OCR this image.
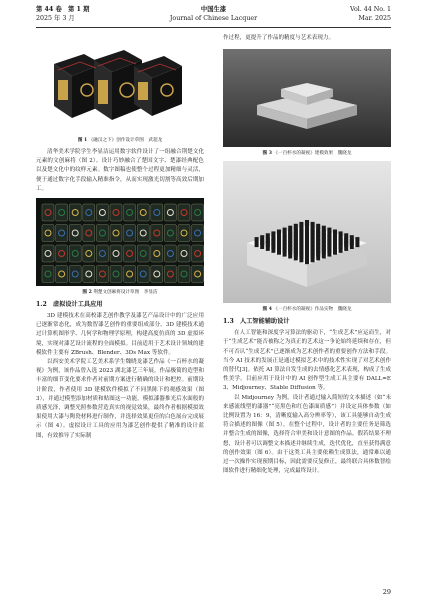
第 44 卷　第 1 期
2025 年 3 月
中国生漆
Journal of Chinese Lacquer
Vol. 44 No. 1
Mar. 2025
图 1 《融汉之下》创作设计草图　武超龙

清华美术学院学生李显洁运用数字软件设计了一组融合荆楚文化元素的文创麻将（图 2）。设计巧妙融合了楚国文字、楚漆经典配色以及楚文化中的纹样元素。数字图稿也使整个过程更加精细与灵活，便于通过数字化手段输入精准指令，从而实现激光切割等高效后期加工。

图 2 荆楚文创麻将设计草图　李显洁
1.2　虚拟设计工具应用

3D 建模技术在高校漆艺创作教学及漆艺产品设计中的广泛应用已逐渐常态化，成为数智漆艺创作的重要组成部分。3D 建模技术通过计算机图形学、几何学和物理学原理，构建高度仿真的 3D 虚拟环境，实现对漆艺设计流程的全面模拟。目前适用于艺术设计领域的建模软件主要有 ZBrush、Blender、3Ds Max 等软件。

以西安美术学院工艺美术系学生魏晓龙漆艺作品《一百杯水的凝视》为例，该作品曾入选 2023 湖北漆艺三年展。作品极简的造型和丰富的细节变化要求作者对前期方案进行精确的设计和把控。前期设计阶段，作者使用 3D 建模软件模拟了不同黑陈下的观感效果（图 3），并通过模型添加材质和贴图这一功能，模拟漆器推光后水面般的质感光泽，调整光照参数营造真实的视觉效果，最终作者根据模拟效果使用大漆与陶瓷材料进行制作，并选择效果更佳的白色展台完成展示（图 4）。虚拟设计工具的应用为漆艺创作提供了精准的设计蓝图，有效推导了实际制

作过程，更提升了作品的精度与艺术表现力。

图 3 《一百杯水的凝视》建模效果　魏晓龙
图 4 《一百杯水的凝视》作品实物　魏晓龙
1.3　人工智能辅助设计

在人工智能和深度学习算法的驱动下，“生成艺术”应运而生，对于“生成艺术”能否被称之为真正的艺术这一争论始终延续和存在，但不可否认“生成艺术”已逐渐成为艺术创作者的重要创作方法和手段。当今 AI 技术的发展正是通过模拟艺术中的技术性实现了对艺术创作的替代[3]。依托 AI 算法自发生成的去情感化艺术表现，构成了生成性美学。目前应用于设计中的 AI 创作型生成工具主要有 DALL=E 3、Midjourney、Stable Diffusion 等。

以 Midjourney 为例，设计者通过输入简短的文本描述（如“未来感流线型的漆器”“亮黑色和红色漆面质感”）并设定具体参数（如比例设置为 16：9，清晰度输入高分辨率等），该工具能够自动生成符合描述的图像（图 5）。在整个过程中，设计者的主要任务是筛选并整合生成的图像，选择符合审美和设计意图的作品。假若结果不理想，设计者可以调整文本描述并继续生成，迭代优化，直至获得满意的创作效果（图 6）。由于这类工具主要依赖生成算法，通常难以通过一次操作实现预期目标，因此需要反复修正，最终联合具体数智绘图软件进行精细化处理，完成最终设计。

29
